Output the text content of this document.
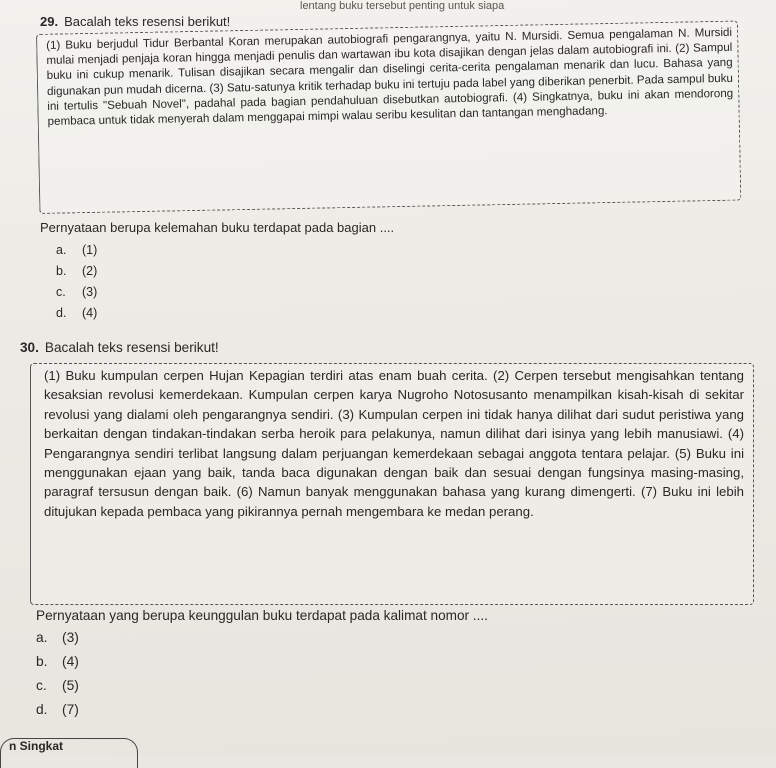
lentang buku tersebut penting untuk siapa
29. Bacalah teks resensi berikut!
(1) Buku berjudul Tidur Berbantal Koran merupakan autobiografi pengarangnya, yaitu N. Mursidi. Semua pengalaman N. Mursidi mulai menjadi penjaja koran hingga menjadi penulis dan wartawan ibu kota disajikan dengan jelas dalam autobiografi ini. (2) Sampul buku ini cukup menarik. Tulisan disajikan secara mengalir dan diselingi cerita-cerita pengalaman menarik dan lucu. Bahasa yang digunakan pun mudah dicerna. (3) Satu-satunya kritik terhadap buku ini tertuju pada label yang diberikan penerbit. Pada sampul buku ini tertulis "Sebuah Novel", padahal pada bagian pendahuluan disebutkan autobiografi. (4) Singkatnya, buku ini akan mendorong pembaca untuk tidak menyerah dalam menggapai mimpi walau seribu kesulitan dan tantangan menghadang.
Pernyataan berupa kelemahan buku terdapat pada bagian ....
a. (1)
b. (2)
c. (3)
d. (4)
30. Bacalah teks resensi berikut!
(1) Buku kumpulan cerpen Hujan Kepagian terdiri atas enam buah cerita. (2) Cerpen tersebut mengisahkan tentang kesaksian revolusi kemerdekaan. Kumpulan cerpen karya Nugroho Notosusanto menampilkan kisah-kisah di sekitar revolusi yang dialami oleh pengarangnya sendiri. (3) Kumpulan cerpen ini tidak hanya dilihat dari sudut peristiwa yang berkaitan dengan tindakan-tindakan serba heroik para pelakunya, namun dilihat dari isinya yang lebih manusiawi. (4) Pengarangnya sendiri terlibat langsung dalam perjuangan kemerdekaan sebagai anggota tentara pelajar. (5) Buku ini menggunakan ejaan yang baik, tanda baca digunakan dengan baik dan sesuai dengan fungsinya masing-masing, paragraf tersusun dengan baik. (6) Namun banyak menggunakan bahasa yang kurang dimengerti. (7) Buku ini lebih ditujukan kepada pembaca yang pikirannya pernah mengembara ke medan perang.
Pernyataan yang berupa keunggulan buku terdapat pada kalimat nomor ....
a. (3)
b. (4)
c. (5)
d. (7)
n Singkat
